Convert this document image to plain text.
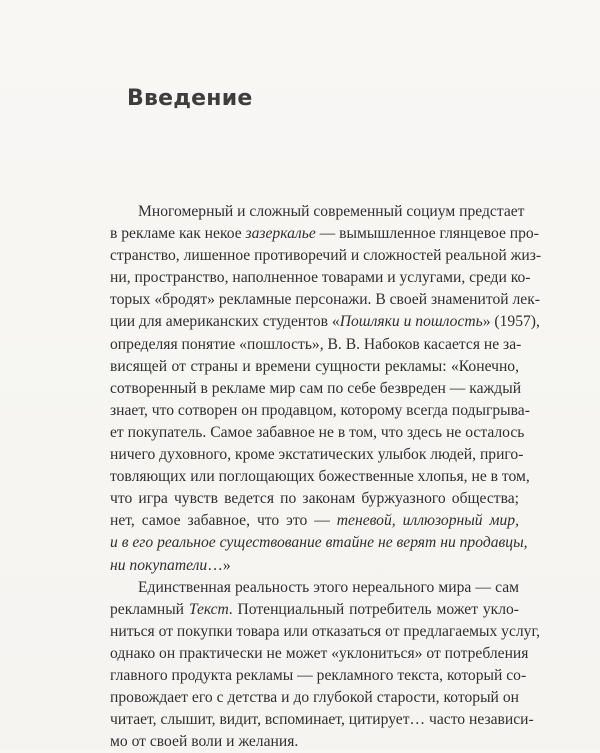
Введение
Многомерный и сложный современный социум предстает
в рекламе как некое зазеркалье — вымышленное глянцевое про-
странство, лишенное противоречий и сложностей реальной жиз-
ни, пространство, наполненное товарами и услугами, среди ко-
торых «бродят» рекламные персонажи. В своей знаменитой лек-
ции для американских студентов «Пошляки и пошлость» (1957),
определяя понятие «пошлость», В. В. Набоков касается не за-
висящей от страны и времени сущности рекламы: «Конечно,
сотворенный в рекламе мир сам по себе безвреден — каждый
знает, что сотворен он продавцом, которому всегда подыгрыва-
ет покупатель. Самое забавное не в том, что здесь не осталось
ничего духовного, кроме экстатических улыбок людей, приго-
товляющих или поглощающих божественные хлопья, не в том,
что игра чувств ведется по законам буржуазного общества;
нет, самое забавное, что это — теневой, иллюзорный мир,
и в его реальное существование втайне не верят ни продавцы,
ни покупатели…»
Единственная реальность этого нереального мира — сам
рекламный Текст. Потенциальный потребитель может укло-
ниться от покупки товара или отказаться от предлагаемых услуг,
однако он практически не может «уклониться» от потребления
главного продукта рекламы — рекламного текста, который со-
провождает его с детства и до глубокой старости, который он
читает, слышит, видит, вспоминает, цитирует… часто независи-
мо от своей воли и желания.
